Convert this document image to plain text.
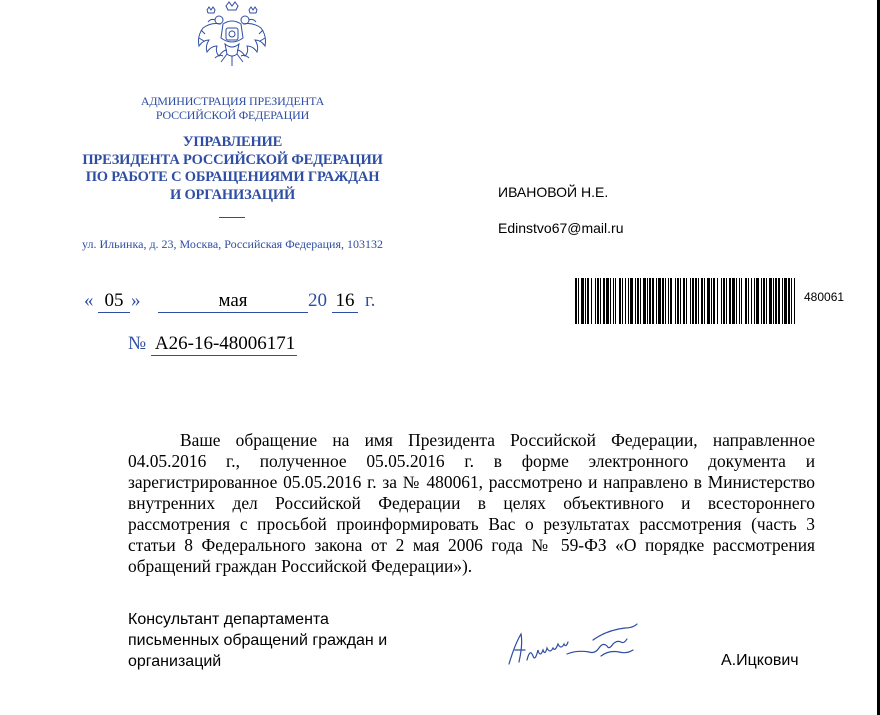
АДМИНИСТРАЦИЯ ПРЕЗИДЕНТА
РОССИЙСКОЙ ФЕДЕРАЦИИ
УПРАВЛЕНИЕ
ПРЕЗИДЕНТА РОССИЙСКОЙ ФЕДЕРАЦИИ
ПО РАБОТЕ С ОБРАЩЕНИЯМИ ГРАЖДАН
И ОРГАНИЗАЦИЙ
ул. Ильинка, д. 23, Москва, Российская Федерация, 103132
« 05 »	мая	20 16 г.
№ А26-16-48006171
ИВАНОВОЙ Н.Е.
Edinstvo67@mail.ru
480061

Ваше обращение на имя Президента Российской Федерации, направленное 04.05.2016 г., полученное 05.05.2016 г. в форме электронного документа и зарегистрированное 05.05.2016 г. за № 480061, рассмотрено и направлено в Министерство внутренних дел Российской Федерации в целях объективного и всестороннего рассмотрения с просьбой проинформировать Вас о результатах рассмотрения (часть 3 статьи 8 Федерального закона от 2 мая 2006 года № 59-ФЗ «О порядке рассмотрения обращений граждан Российской Федерации»).

Консультант департамента
письменных обращений граждан и
организаций	А.Ицкович
